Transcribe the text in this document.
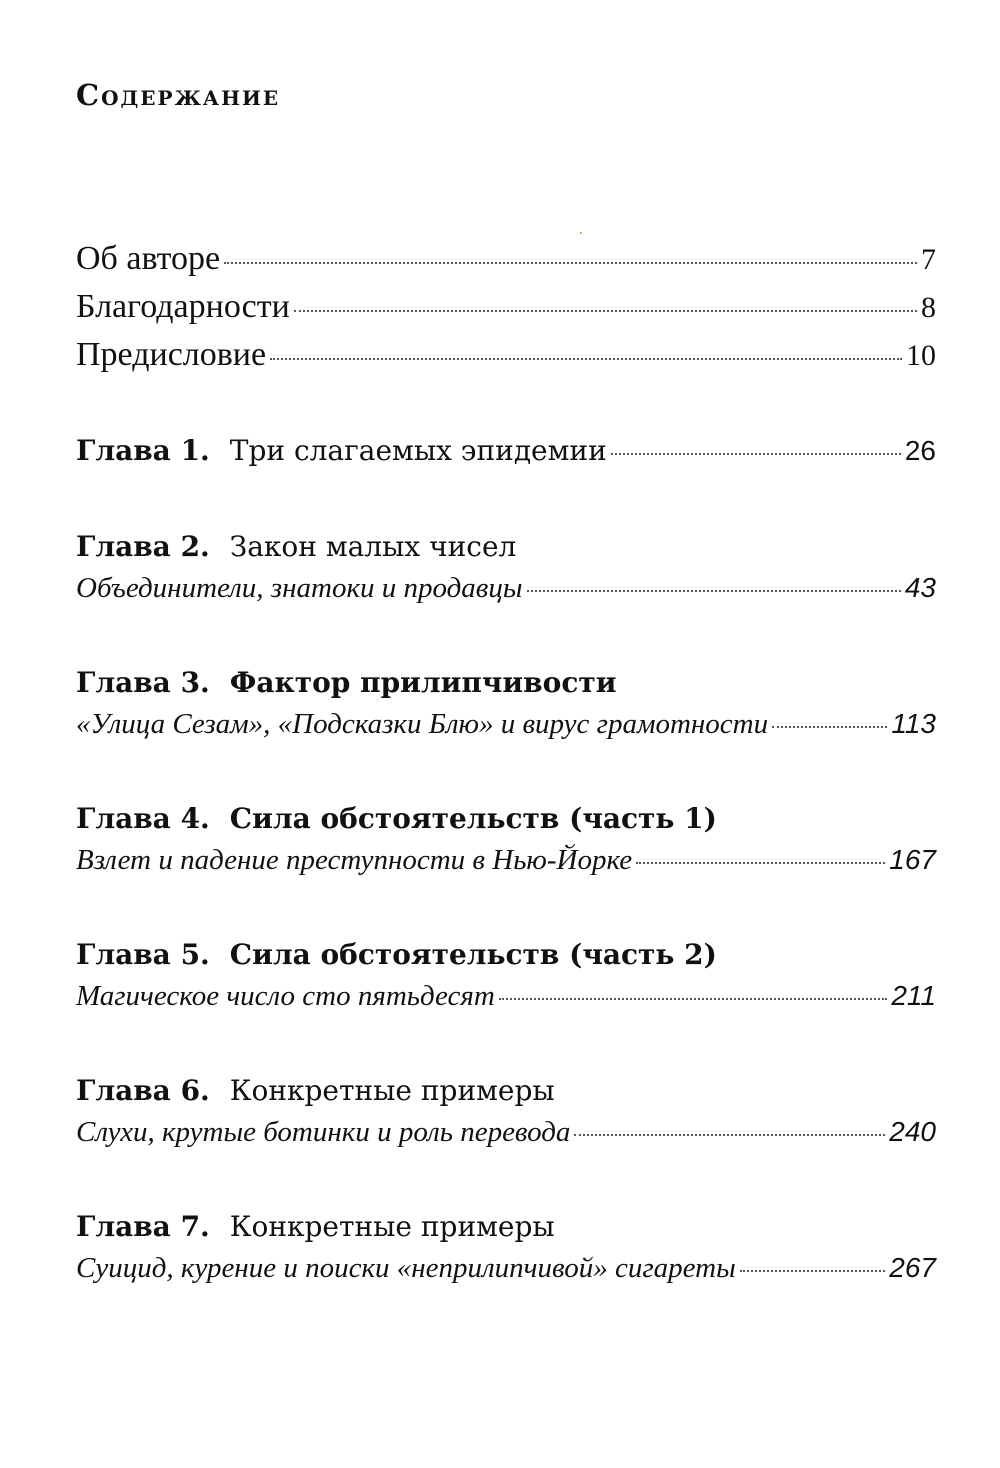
Содержание
Об авторе	7
Благодарности	8
Предисловие	10
Глава 1. Три слагаемых эпидемии	26
Глава 2. Закон малых чисел
Объединители, знатоки и продавцы	43
Глава 3. Фактор прилипчивости
«Улица Сезам», «Подсказки Блю» и вирус грамотности	113
Глава 4. Сила обстоятельств (часть 1)
Взлет и падение преступности в Нью-Йорке	167
Глава 5. Сила обстоятельств (часть 2)
Магическое число сто пятьдесят	211
Глава 6. Конкретные примеры
Слухи, крутые ботинки и роль перевода	240
Глава 7. Конкретные примеры
Суицид, курение и поиски «неприлипчивой» сигареты	267
